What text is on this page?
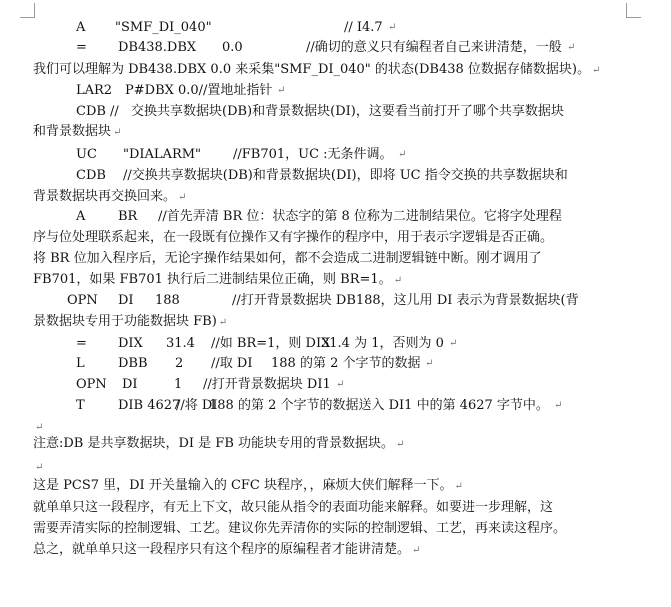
A "SMF_DI_040"	// I4.7 ↵
= DB438.DBX 0.0	//确切的意义只有编程者自己来讲清楚，一般 ↵
我们可以理解为 DB438.DBX 0.0 来采集"SMF_DI_040" 的状态(DB438 位数据存储数据块)。 ↵
LAR2 P#DBX 0.0//置地址指针 ↵
CDB // 交换共享数据块(DB)和背景数据块(DI)，这要看当前打开了哪个共享数据块
和背景数据块 ↵
UC "DIALARM" //FB701，UC :无条件调。 ↵
CDB //交换共享数据块(DB)和背景数据块(DI)，即将 UC 指令交换的共享数据块和
背景数据块再交换回来。 ↵
A	BR //首先弄清 BR 位：状态字的第 8 位称为二进制结果位。它将字处理程
序与位处理联系起来，在一段既有位操作又有字操作的程序中，用于表示字逻辑是否正确。
将 BR 位加入程序后，无论字操作结果如何，都不会造成二进制逻辑链中断。刚才调用了
FB701，如果 FB701 执行后二进制结果位正确，则 BR=1。 ↵
OPN DI 188	//打开背景数据块 DB188，这儿用 DI 表示为背景数据块(背
景数据块专用于功能数据块 FB) ↵
= DIX 31.4 //如 BR=1，则 DIX
31.4 为 1，否则为 0 ↵
L	DBB 2 //取 DI 188 的第 2 个字节的数据 ↵
OPN DI	1 //打开背景数据块 DI1 ↵
T	DIB 4627
//将 DI
188 的第 2 个字节的数据送入 DI1 中的第 4627 字节中。 ↵
↵
注意:DB 是共享数据块，DI 是 FB 功能块专用的背景数据块。 ↵
↵
这是 PCS7 里，DI 开关量输入的 CFC 块程序，，麻烦大侠们解释一下。 ↵
就单单只这一段程序，有无上下文，故只能从指令的表面功能来解释。如要进一步理解，这
需要弄清实际的控制逻辑、工艺。建议你先弄清你的实际的控制逻辑、工艺，再来读这程序。
总之，就单单只这一段程序只有这个程序的原编程者才能讲清楚。 ↵
